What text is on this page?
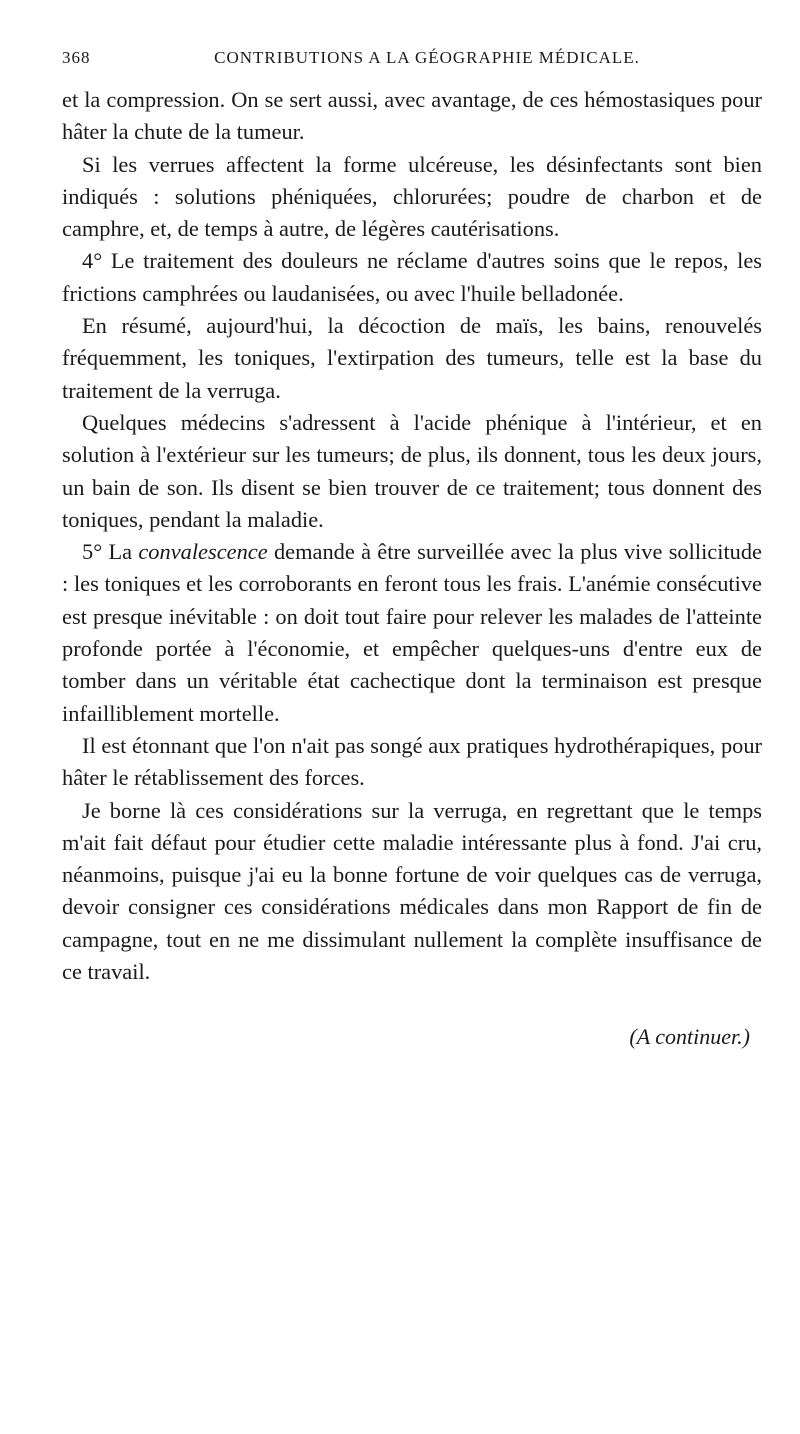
368	CONTRIBUTIONS A LA GÉOGRAPHIE MÉDICALE.

et la compression. On se sert aussi, avec avantage, de ces hémostasiques pour hâter la chute de la tumeur.

Si les verrues affectent la forme ulcéreuse, les désinfectants sont bien indiqués : solutions phéniquées, chlorurées; poudre de charbon et de camphre, et, de temps à autre, de légères cautérisations.

4° Le traitement des douleurs ne réclame d'autres soins que le repos, les frictions camphrées ou laudanisées, ou avec l'huile belladonée.

En résumé, aujourd'hui, la décoction de maïs, les bains, renouvelés fréquemment, les toniques, l'extirpation des tumeurs, telle est la base du traitement de la verruga.

Quelques médecins s'adressent à l'acide phénique à l'intérieur, et en solution à l'extérieur sur les tumeurs; de plus, ils donnent, tous les deux jours, un bain de son. Ils disent se bien trouver de ce traitement; tous donnent des toniques, pendant la maladie.

5° La convalescence demande à être surveillée avec la plus vive sollicitude : les toniques et les corroborants en feront tous les frais. L'anémie consécutive est presque inévitable : on doit tout faire pour relever les malades de l'atteinte profonde portée à l'économie, et empêcher quelques-uns d'entre eux de tomber dans un véritable état cachectique dont la terminaison est presque infailliblement mortelle.

Il est étonnant que l'on n'ait pas songé aux pratiques hydrothérapiques, pour hâter le rétablissement des forces.

Je borne là ces considérations sur la verruga, en regrettant que le temps m'ait fait défaut pour étudier cette maladie intéressante plus à fond. J'ai cru, néanmoins, puisque j'ai eu la bonne fortune de voir quelques cas de verruga, devoir consigner ces considérations médicales dans mon Rapport de fin de campagne, tout en ne me dissimulant nullement la complète insuffisance de ce travail.

(A continuer.)
